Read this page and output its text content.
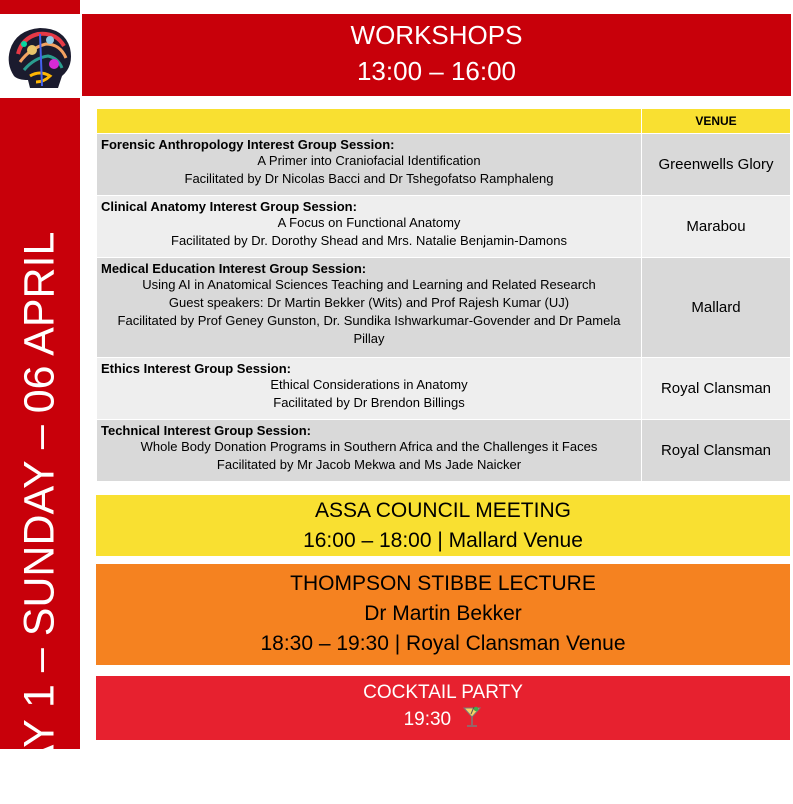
DAY 1 – SUNDAY – 06 APRIL
WORKSHOPS
13:00 – 16:00
	VENUE

Forensic Anthropology Interest Group Session:
A Primer into Craniofacial Identification
Facilitated by Dr Nicolas Bacci and Dr Tshegofatso Ramphaleng	Greenwells Glory

Clinical Anatomy Interest Group Session:
A Focus on Functional Anatomy
Facilitated by Dr. Dorothy Shead and Mrs. Natalie Benjamin-Damons	Marabou

Medical Education Interest Group Session:
Using AI in Anatomical Sciences Teaching and Learning and Related Research
Guest speakers: Dr Martin Bekker (Wits) and Prof Rajesh Kumar (UJ)
Facilitated by Prof Geney Gunston, Dr. Sundika Ishwarkumar-Govender and Dr Pamela Pillay	Mallard

Ethics Interest Group Session:
Ethical Considerations in Anatomy
Facilitated by Dr Brendon Billings	Royal Clansman

Technical Interest Group Session:
Whole Body Donation Programs in Southern Africa and the Challenges it Faces
Facilitated by Mr Jacob Mekwa and Ms Jade Naicker	Royal Clansman
ASSA COUNCIL MEETING
16:00 – 18:00 | Mallard Venue
THOMPSON STIBBE LECTURE
Dr Martin Bekker
18:30 – 19:30 | Royal Clansman Venue
COCKTAIL PARTY
19:30
